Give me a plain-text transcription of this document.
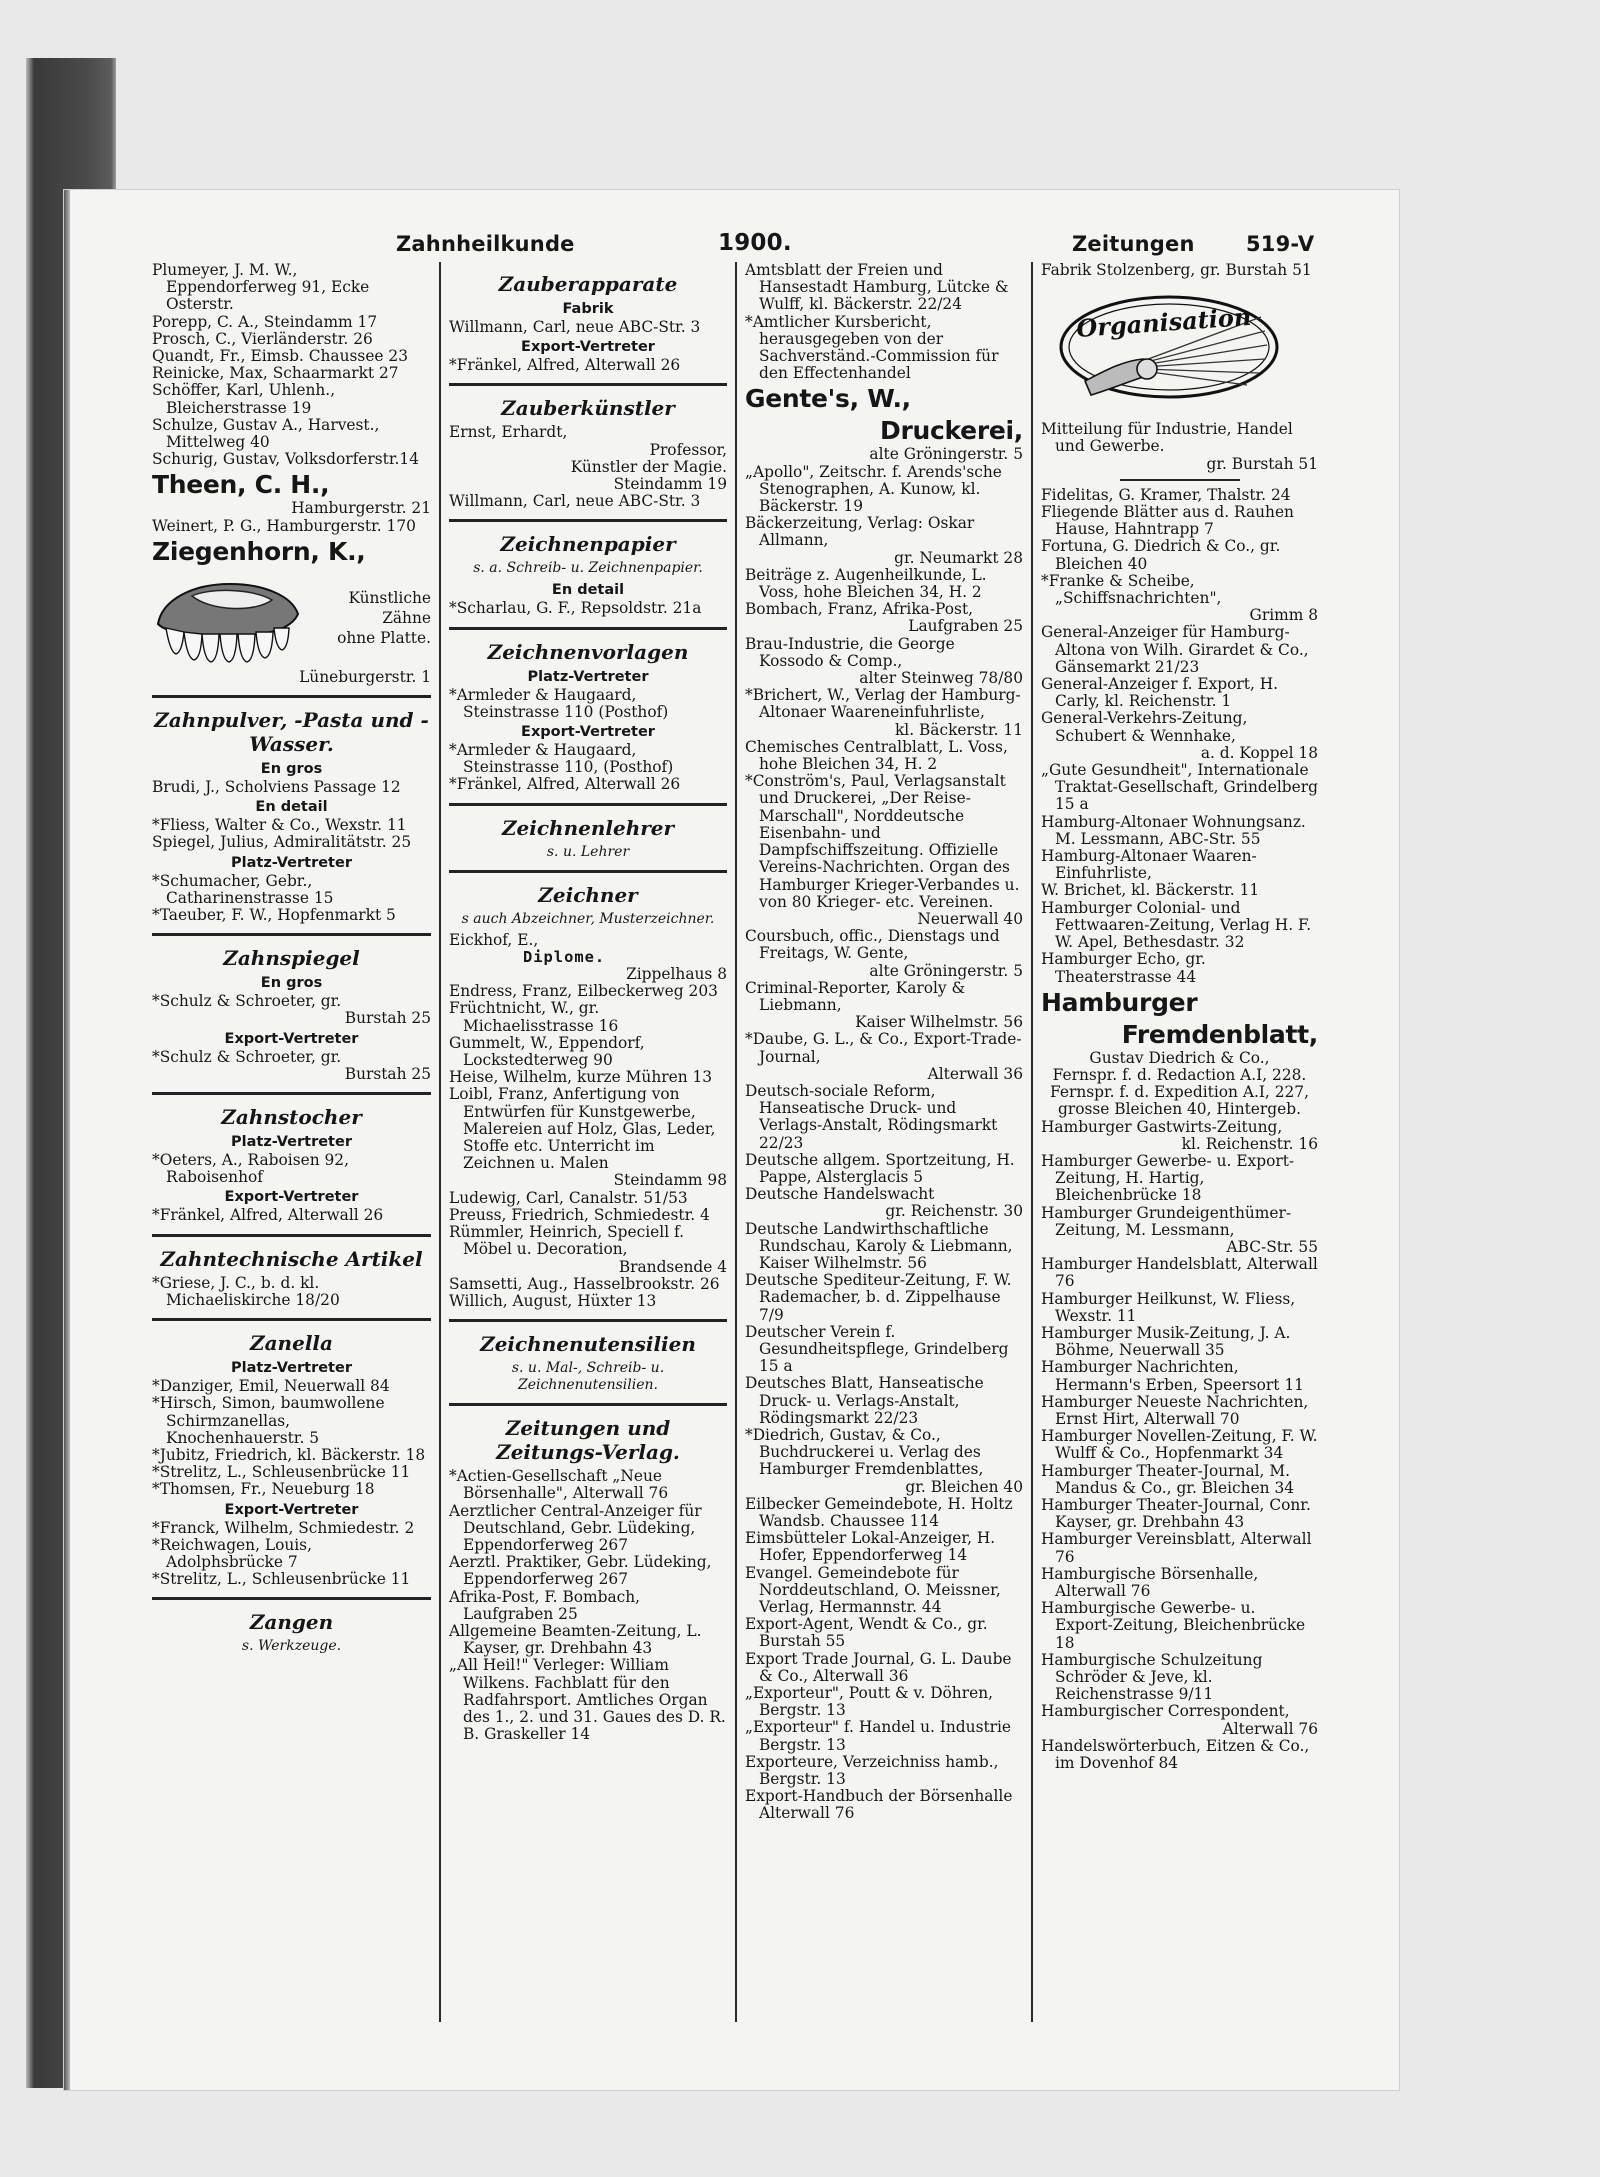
Zahnheilkunde	1900.	Zeitungen 519-V

Plumeyer, J. M. W., Eppendorferweg 91, Ecke Osterstr.

Porepp, C. A., Steindamm 17

Prosch, C., Vierländerstr. 26

Quandt, Fr., Eimsb. Chaussee 23

Reinicke, Max, Schaarmarkt 27

Schöffer, Karl, Uhlenh., Bleicherstrasse 19

Schulze, Gustav A., Harvest., Mittelweg 40

Schurig, Gustav, Volksdorferstr.14

Theen, C. H.,

Hamburgerstr. 21

Weinert, P. G., Hamburgerstr. 170

Ziegenhorn, K.,
Künstliche
Zähne
ohne Platte.

Lüneburgerstr. 1

Zahnpulver, -Pasta und -Wasser.
En gros

Brudi, J., Scholviens Passage 12

En detail

*Fliess, Walter & Co., Wexstr. 11

Spiegel, Julius, Admiralitätstr. 25

Platz-Vertreter

*Schumacher, Gebr., Catharinenstrasse 15

*Taeuber, F. W., Hopfenmarkt 5

Zahnspiegel
En gros

*Schulz & Schroeter, gr.

Burstah 25

Export-Vertreter

*Schulz & Schroeter, gr.

Burstah 25

Zahnstocher
Platz-Vertreter

*Oeters, A., Raboisen 92, Raboisenhof

Export-Vertreter

*Fränkel, Alfred, Alterwall 26

Zahntechnische Artikel

*Griese, J. C., b. d. kl. Michaeliskirche 18/20

Zanella
Platz-Vertreter

*Danziger, Emil, Neuerwall 84

*Hirsch, Simon, baumwollene Schirmzanellas, Knochenhauerstr. 5

*Jubitz, Friedrich, kl. Bäckerstr. 18

*Strelitz, L., Schleusenbrücke 11

*Thomsen, Fr., Neueburg 18

Export-Vertreter

*Franck, Wilhelm, Schmiedestr. 2

*Reichwagen, Louis, Adolphsbrücke 7

*Strelitz, L., Schleusenbrücke 11

Zangen
s. Werkzeuge.
Zauberapparate
Fabrik

Willmann, Carl, neue ABC-Str. 3

Export-Vertreter

*Fränkel, Alfred, Alterwall 26

Zauberkünstler

Ernst, Erhardt,

Professor,

Künstler der Magie.

Steindamm 19

Willmann, Carl, neue ABC-Str. 3

Zeichnenpapier
s. a. Schreib- u. Zeichnenpapier.
En detail

*Scharlau, G. F., Repsoldstr. 21a

Zeichnenvorlagen
Platz-Vertreter

*Armleder & Haugaard, Steinstrasse 110 (Posthof)

Export-Vertreter

*Armleder & Haugaard, Steinstrasse 110, (Posthof)

*Fränkel, Alfred, Alterwall 26

Zeichnenlehrer
s. u. Lehrer
Zeichner
s auch Abzeichner, Musterzeichner.

Eickhof, E.,

Diplome.

Zippelhaus 8

Endress, Franz, Eilbeckerweg 203

Früchtnicht, W., gr. Michaelisstrasse 16

Gummelt, W., Eppendorf, Lockstedterweg 90

Heise, Wilhelm, kurze Mühren 13

Loibl, Franz, Anfertigung von Entwürfen für Kunstgewerbe, Malereien auf Holz, Glas, Leder, Stoffe etc. Unterricht im Zeichnen u. Malen

Steindamm 98

Ludewig, Carl, Canalstr. 51/53

Preuss, Friedrich, Schmiedestr. 4

Rümmler, Heinrich, Speciell f. Möbel u. Decoration,

Brandsende 4

Samsetti, Aug., Hasselbrookstr. 26

Willich, August, Hüxter 13

Zeichnenutensilien
s. u. Mal-, Schreib- u. Zeichnenutensilien.
Zeitungen und Zeitungs-Verlag.

*Actien-Gesellschaft „Neue Börsenhalle", Alterwall 76

Aerztlicher Central-Anzeiger für Deutschland, Gebr. Lüdeking, Eppendorferweg 267

Aerztl. Praktiker, Gebr. Lüdeking, Eppendorferweg 267

Afrika-Post, F. Bombach, Laufgraben 25

Allgemeine Beamten-Zeitung, L. Kayser, gr. Drehbahn 43

„All Heil!" Verleger: William Wilkens. Fachblatt für den Radfahrsport. Amtliches Organ des 1., 2. und 31. Gaues des D. R. B. Graskeller 14

Amtsblatt der Freien und Hansestadt Hamburg, Lütcke & Wulff, kl. Bäckerstr. 22/24

*Amtlicher Kursbericht, herausgegeben von der Sachverständ.-Commission für den Effectenhandel

Gente's, W.,
Druckerei,

alte Gröningerstr. 5

„Apollo", Zeitschr. f. Arends'sche Stenographen, A. Kunow, kl. Bäckerstr. 19

Bäckerzeitung, Verlag: Oskar Allmann,

gr. Neumarkt 28

Beiträge z. Augenheilkunde, L. Voss, hohe Bleichen 34, H. 2

Bombach, Franz, Afrika-Post,

Laufgraben 25

Brau-Industrie, die George Kossodo & Comp.,

alter Steinweg 78/80

*Brichert, W., Verlag der Hamburg-Altonaer Waareneinfuhrliste,

kl. Bäckerstr. 11

Chemisches Centralblatt, L. Voss, hohe Bleichen 34, H. 2

*Conström's, Paul, Verlagsanstalt und Druckerei, „Der Reise-Marschall", Norddeutsche Eisenbahn- und Dampfschiffszeitung. Offizielle Vereins-Nachrichten. Organ des Hamburger Krieger-Verbandes u. von 80 Krieger- etc. Vereinen.

Neuerwall 40

Coursbuch, offic., Dienstags und Freitags, W. Gente,

alte Gröningerstr. 5

Criminal-Reporter, Karoly & Liebmann,

Kaiser Wilhelmstr. 56

*Daube, G. L., & Co., Export-Trade-Journal,

Alterwall 36

Deutsch-sociale Reform, Hanseatische Druck- und Verlags-Anstalt, Rödingsmarkt 22/23

Deutsche allgem. Sportzeitung, H. Pappe, Alsterglacis 5

Deutsche Handelswacht

gr. Reichenstr. 30

Deutsche Landwirthschaftliche Rundschau, Karoly & Liebmann, Kaiser Wilhelmstr. 56

Deutsche Spediteur-Zeitung, F. W. Rademacher, b. d. Zippelhause 7/9

Deutscher Verein f. Gesundheitspflege, Grindelberg 15 a

Deutsches Blatt, Hanseatische Druck- u. Verlags-Anstalt, Rödingsmarkt 22/23

*Diedrich, Gustav, & Co., Buchdruckerei u. Verlag des Hamburger Fremdenblattes,

gr. Bleichen 40

Eilbecker Gemeindebote, H. Holtz Wandsb. Chaussee 114

Eimsbütteler Lokal-Anzeiger, H. Hofer, Eppendorferweg 14

Evangel. Gemeindebote für Norddeutschland, O. Meissner, Verlag, Hermannstr. 44

Export-Agent, Wendt & Co., gr. Burstah 55

Export Trade Journal, G. L. Daube & Co., Alterwall 36

„Exporteur", Poutt & v. Döhren, Bergstr. 13

„Exporteur" f. Handel u. Industrie Bergstr. 13

Exporteure, Verzeichniss hamb., Bergstr. 13

Export-Handbuch der Börsenhalle Alterwall 76

Fabrik Stolzenberg, gr. Burstah 51

Organisation

Mitteilung für Industrie, Handel und Gewerbe.

gr. Burstah 51

Fidelitas, G. Kramer, Thalstr. 24

Fliegende Blätter aus d. Rauhen Hause, Hahntrapp 7

Fortuna, G. Diedrich & Co., gr. Bleichen 40

*Franke & Scheibe, „Schiffsnachrichten",

Grimm 8

General-Anzeiger für Hamburg-Altona von Wilh. Girardet & Co., Gänsemarkt 21/23

General-Anzeiger f. Export, H. Carly, kl. Reichenstr. 1

General-Verkehrs-Zeitung, Schubert & Wennhake,

a. d. Koppel 18

„Gute Gesundheit", Internationale Traktat-Gesellschaft, Grindelberg 15 a

Hamburg-Altonaer Wohnungsanz. M. Lessmann, ABC-Str. 55

Hamburg-Altonaer Waaren-Einfuhrliste,

W. Brichet, kl. Bäckerstr. 11

Hamburger Colonial- und Fettwaaren-Zeitung, Verlag H. F. W. Apel, Bethesdastr. 32

Hamburger Echo, gr. Theaterstrasse 44

Hamburger
Fremdenblatt,

Gustav Diedrich & Co.,

Fernspr. f. d. Redaction A.I, 228.

Fernspr. f. d. Expedition A.I, 227,

grosse Bleichen 40, Hintergeb.

Hamburger Gastwirts-Zeitung,

kl. Reichenstr. 16

Hamburger Gewerbe- u. Export-Zeitung, H. Hartig, Bleichenbrücke 18

Hamburger Grundeigenthümer-Zeitung, M. Lessmann,

ABC-Str. 55

Hamburger Handelsblatt, Alterwall 76

Hamburger Heilkunst, W. Fliess, Wexstr. 11

Hamburger Musik-Zeitung, J. A. Böhme, Neuerwall 35

Hamburger Nachrichten, Hermann's Erben, Speersort 11

Hamburger Neueste Nachrichten, Ernst Hirt, Alterwall 70

Hamburger Novellen-Zeitung, F. W. Wulff & Co., Hopfenmarkt 34

Hamburger Theater-Journal, M. Mandus & Co., gr. Bleichen 34

Hamburger Theater-Journal, Conr. Kayser, gr. Drehbahn 43

Hamburger Vereinsblatt, Alterwall 76

Hamburgische Börsenhalle, Alterwall 76

Hamburgische Gewerbe- u. Export-Zeitung, Bleichenbrücke 18

Hamburgische Schulzeitung Schröder & Jeve, kl. Reichenstrasse 9/11

Hamburgischer Correspondent,

Alterwall 76

Handelswörterbuch, Eitzen & Co., im Dovenhof 84
